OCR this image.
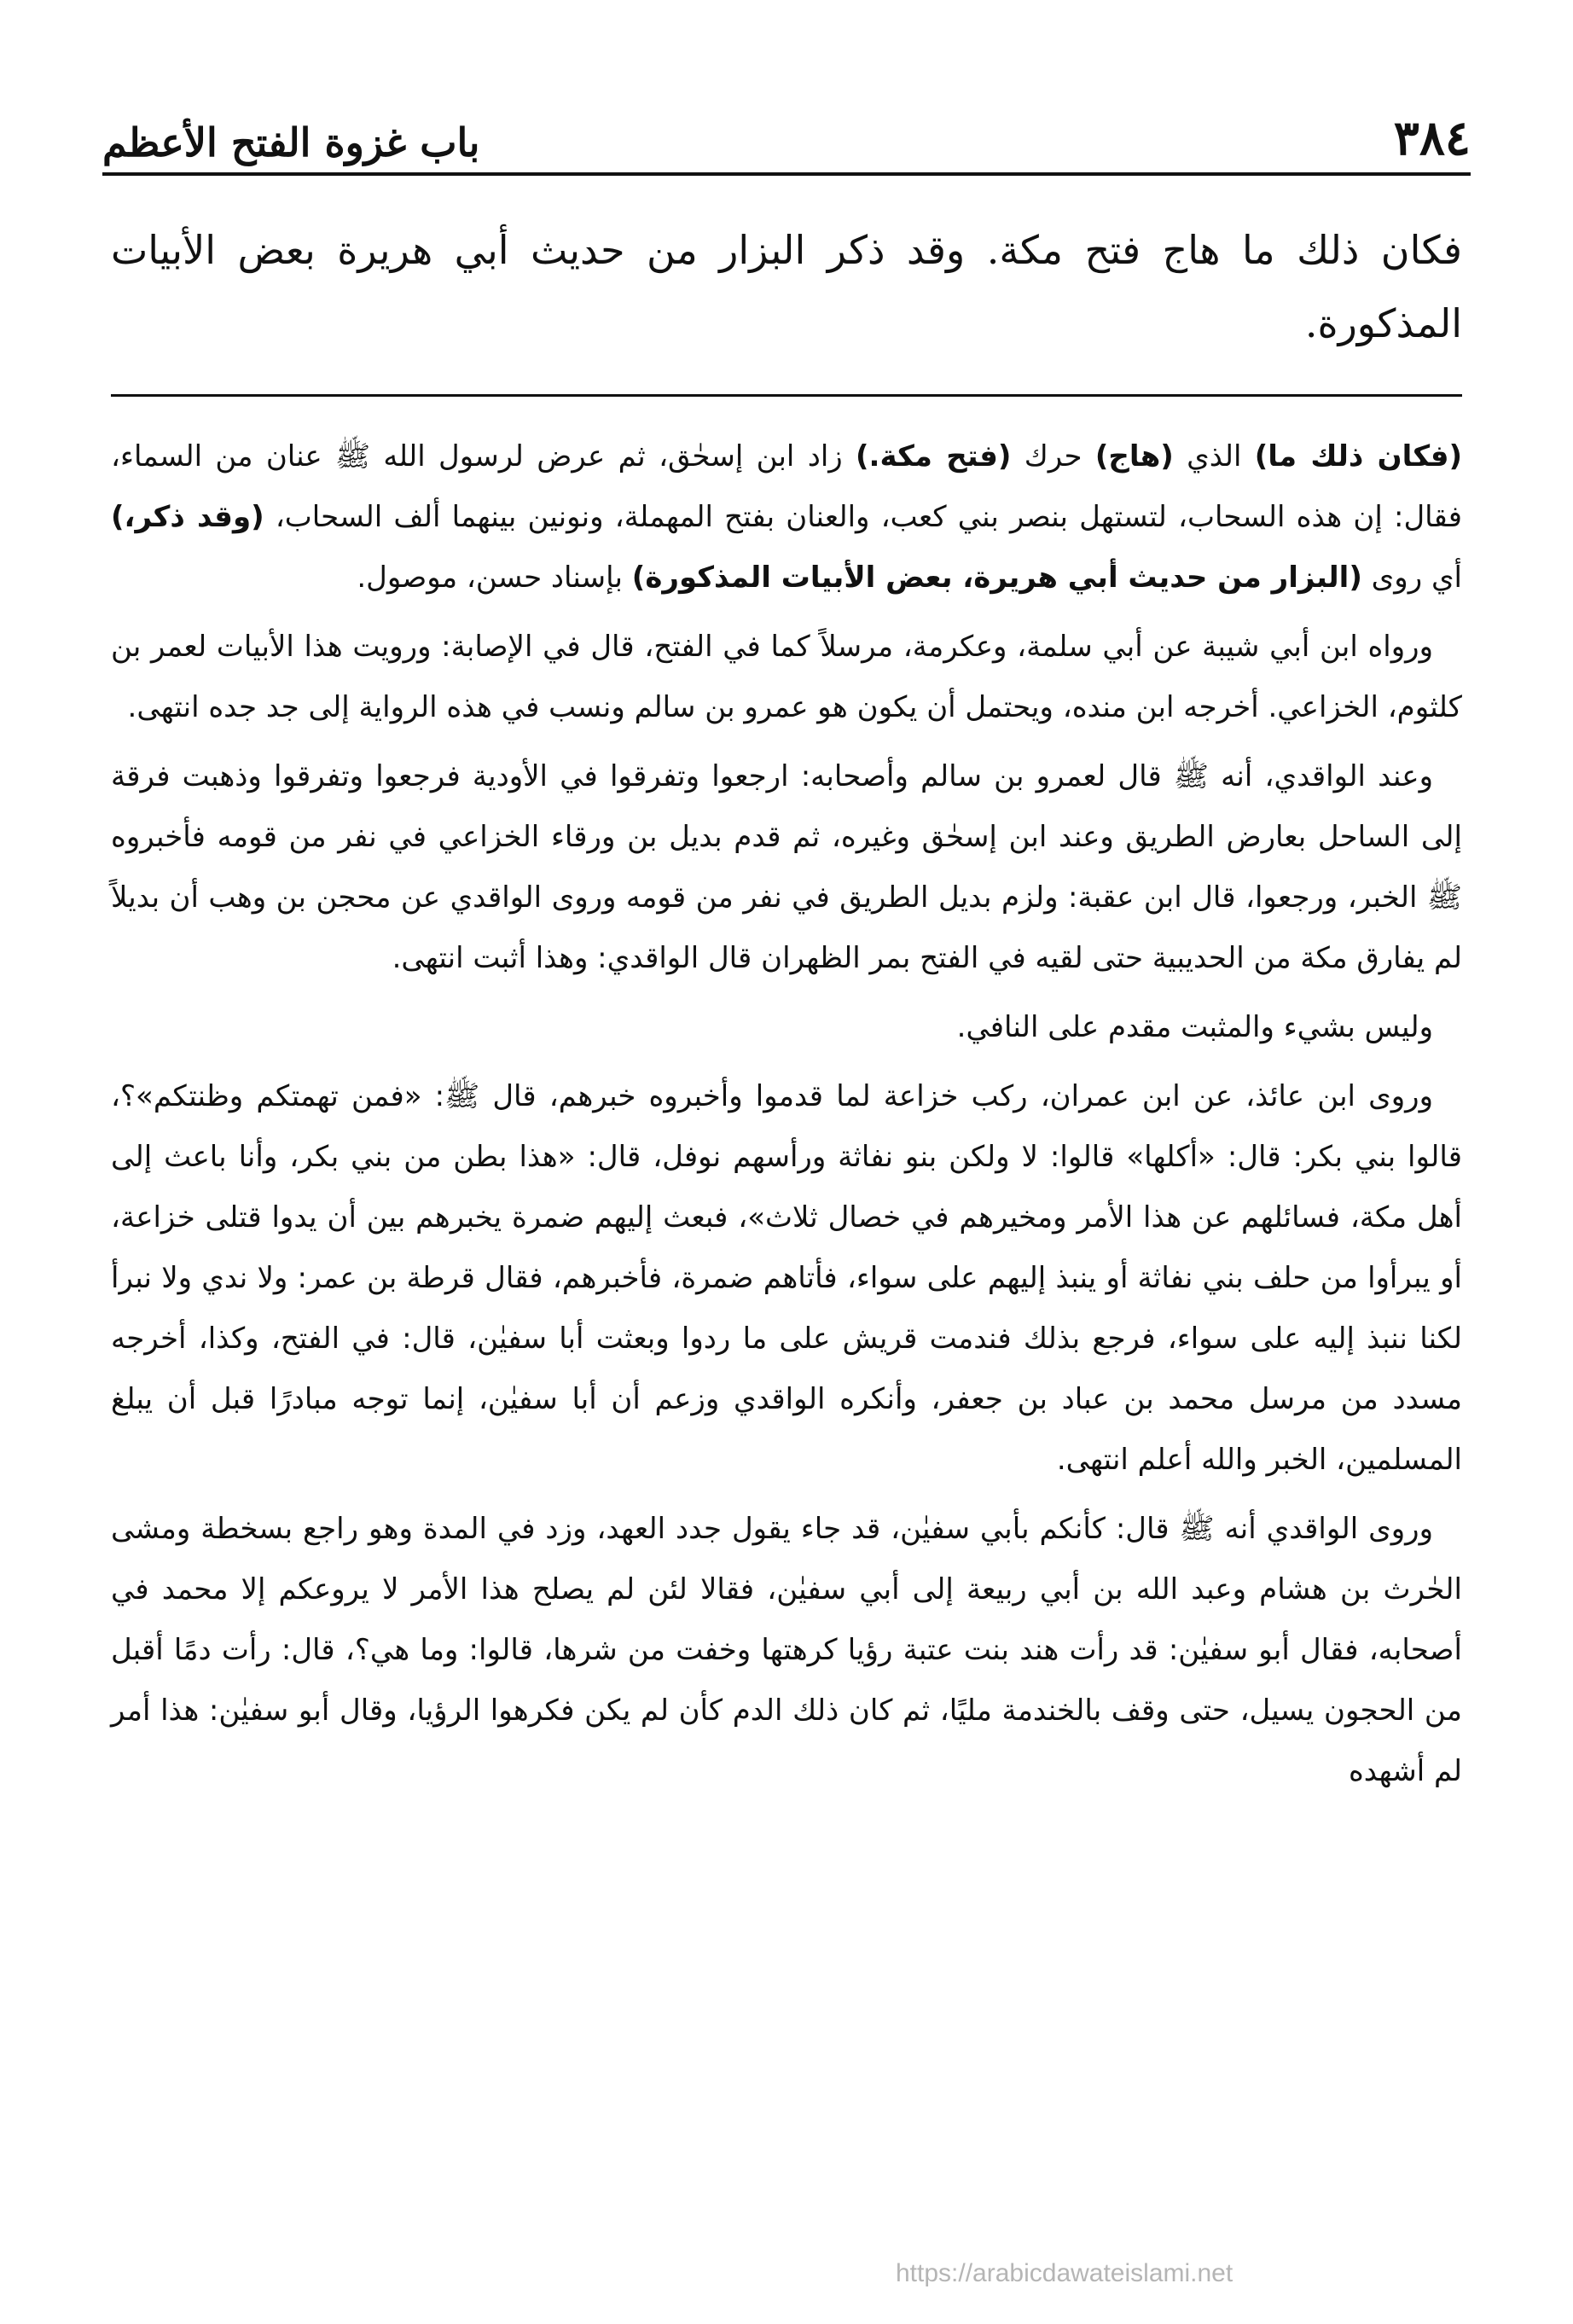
٣٨٤
باب غزوة الفتح الأعظم
فكان ذلك ما هاج فتح مكة. وقد ذكر البزار من حديث أبي هريرة بعض الأبيات المذكورة.

(فكان ذلك ما) الذي (هاج) حرك (فتح مكة.) زاد ابن إسحٰق، ثم عرض لرسول الله ﷺ عنان من السماء، فقال: إن هذه السحاب، لتستهل بنصر بني كعب، والعنان بفتح المهملة، ونونين بينهما ألف السحاب، (وقد ذكر،) أي روى (البزار من حديث أبي هريرة، بعض الأبيات المذكورة) بإسناد حسن، موصول.

ورواه ابن أبي شيبة عن أبي سلمة، وعكرمة، مرسلاً كما في الفتح، قال في الإصابة: ورويت هذا الأبيات لعمر بن كلثوم، الخزاعي. أخرجه ابن منده، ويحتمل أن يكون هو عمرو بن سالم ونسب في هذه الرواية إلى جد جده انتهى.

وعند الواقدي، أنه ﷺ قال لعمرو بن سالم وأصحابه: ارجعوا وتفرقوا في الأودية فرجعوا وتفرقوا وذهبت فرقة إلى الساحل بعارض الطريق وعند ابن إسحٰق وغيره، ثم قدم بديل بن ورقاء الخزاعي في نفر من قومه فأخبروه ﷺ الخبر، ورجعوا، قال ابن عقبة: ولزم بديل الطريق في نفر من قومه وروى الواقدي عن محجن بن وهب أن بديلاً لم يفارق مكة من الحديبية حتى لقيه في الفتح بمر الظهران قال الواقدي: وهذا أثبت انتهى.

وليس بشيء والمثبت مقدم على النافي.

وروى ابن عائذ، عن ابن عمران، ركب خزاعة لما قدموا وأخبروه خبرهم، قال ﷺ: «فمن تهمتكم وظنتكم»؟، قالوا بني بكر: قال: «أكلها» قالوا: لا ولكن بنو نفاثة ورأسهم نوفل، قال: «هذا بطن من بني بكر، وأنا باعث إلى أهل مكة، فسائلهم عن هذا الأمر ومخيرهم في خصال ثلاث»، فبعث إليهم ضمرة يخبرهم بين أن يدوا قتلى خزاعة، أو يبرأوا من حلف بني نفاثة أو ينبذ إليهم على سواء، فأتاهم ضمرة، فأخبرهم، فقال قرطة بن عمر: ولا ندي ولا نبرأ لكنا ننبذ إليه على سواء، فرجع بذلك فندمت قريش على ما ردوا وبعثت أبا سفيٰن، قال: في الفتح، وكذا، أخرجه مسدد من مرسل محمد بن عباد بن جعفر، وأنكره الواقدي وزعم أن أبا سفيٰن، إنما توجه مبادرًا قبل أن يبلغ المسلمين، الخبر والله أعلم انتهى.

وروى الواقدي أنه ﷺ قال: كأنكم بأبي سفيٰن، قد جاء يقول جدد العهد، وزد في المدة وهو راجع بسخطة ومشى الحٰرث بن هشام وعبد الله بن أبي ربيعة إلى أبي سفيٰن، فقالا لئن لم يصلح هذا الأمر لا يروعكم إلا محمد في أصحابه، فقال أبو سفيٰن: قد رأت هند بنت عتبة رؤيا كرهتها وخفت من شرها، قالوا: وما هي؟، قال: رأت دمًا أقبل من الحجون يسيل، حتى وقف بالخندمة مليًا، ثم كان ذلك الدم كأن لم يكن فكرهوا الرؤيا، وقال أبو سفيٰن: هذا أمر لم أشهده

https://arabicdawateislami.net
